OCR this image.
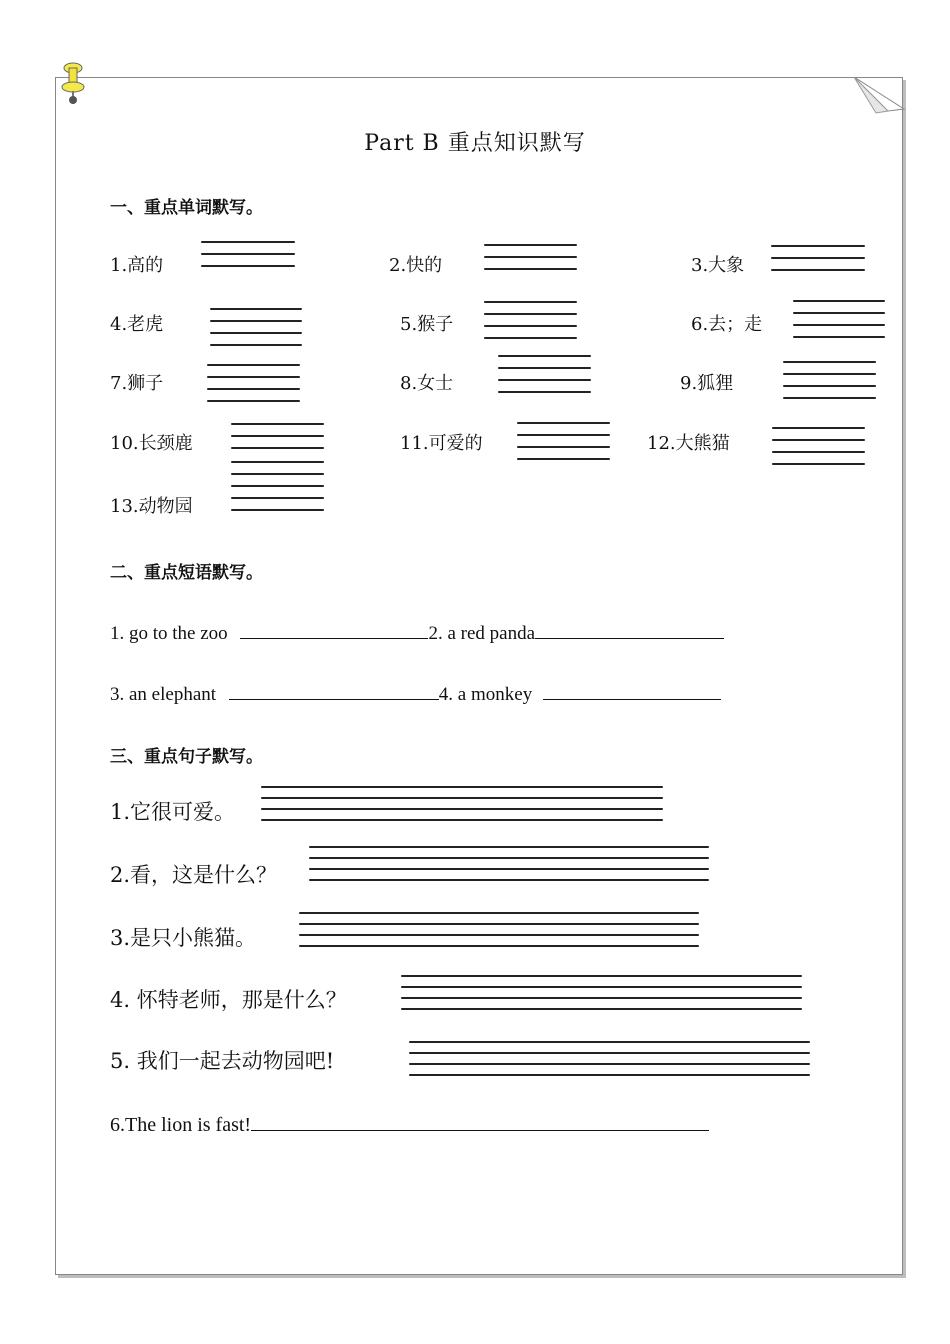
Part B 重点知识默写
一、重点单词默写。
1.高的	2.快的	3.大象
4.老虎	5.猴子	6.去；走
7.狮子	8.女士	9.狐狸
10.长颈鹿	11.可爱的	12.大熊猫
13.动物园
二、重点短语默写。
1. go to the zoo	2. a red panda
3. an elephant	4. a monkey
三、重点句子默写。
1.它很可爱。
2.看，这是什么？
3.是只小熊猫。
4. 怀特老师，那是什么？
5. 我们一起去动物园吧!
6.The lion is fast!
